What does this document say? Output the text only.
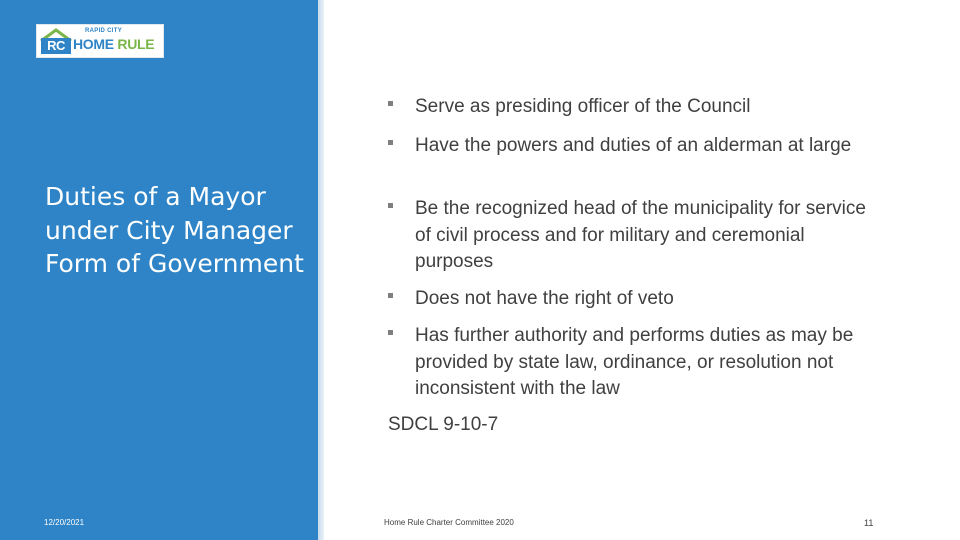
RC
RAPID CITY
HOME RULE
Duties of a Mayor under City Manager Form of Government
12/20/2021
Serve as presiding officer of the Council
Have the powers and duties of an alderman at large
Be the recognized head of the municipality for service of civil process and for military and ceremonial purposes
Does not have the right of veto
Has further authority and performs duties as may be provided by state law, ordinance, or resolution not inconsistent with the law
SDCL 9-10-7
Home Rule Charter Committee 2020	11
